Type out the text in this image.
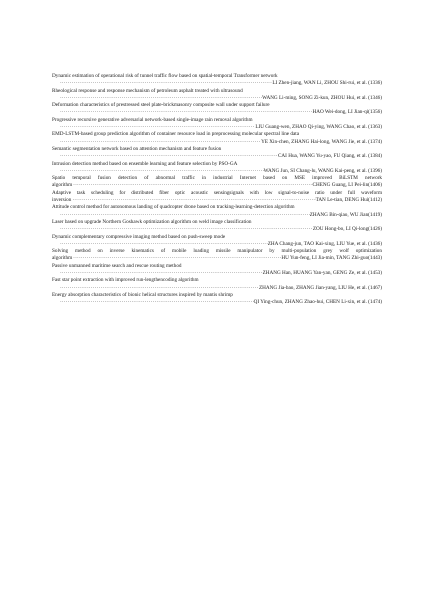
Dynamic estimation of operational risk of tunnel traffic flow based on spatial-temporal Transformer network
·····
LI Zhen-jiang, WAN Li, ZHOU Shi-rui, et al. (1336)
Rheological response and response mechanism of petroleum asphalt treated with ultrasound
·····
WANG Li-ming, SONG Zi-kun, ZHOU Hui, et al. (1346)
Deformation characteristics of prestressed steel plate-brickmasonry composite wall under support failure
·····
HAO Wei-dong, LI Jian-qi(1356)
Progressive recursive generative adversarial network-based single-image rain removal algorithm
·····
LIU Guang-wen, ZHAO Qi-ying, WANG Chao, et al. (1363)
EMD-LSTM-based group prediction algorithm of container resource load in preprocessing molecular spectral line data
·····
YE Xin-chen, ZHANG Hai-long, WANG Jie, et al. (1374)
Semantic segmentation network based on attention mechanism and feature fusion
·····
CAI Hua, WANG Yu-yao, FU Qiang, et al. (1384)
Intrusion detection method based on ensemble learning and feature selection by PSO-GA
·····
WANG Jun, SI Chang-lu, WANG Kai-peng, et al. (1396)
Spatio temporal fusion detection of abnormal traffic in industrial Internet based on MSE improved BiLSTM network
algorithm ·····	CHENG Guang, LI Pei-lin(1406)
Adaptive task scheduling for distributed fiber optic acoustic sensingsignals with low signal-to-noise ratio under full waveform
inversion ·····	TAN Le-tian, DENG Hui(1412)
Attitude control method for autonomous landing of quadcopter drone based on tracking-learning-detection algorithm
·····
ZHANG Bin-qiao, WU Jian(1419)
Laser based on upgrade Northern Goshawk optimization algorithm on weld image classification
·····
ZOU Hong-bo, LI Qi-long(1426)
Dynamic complementary compressive imaging method based on push-sweep mode
·····
ZHA Chang-jun, TAO Kai-xing, LIU Yue, et al. (1436)
Solving method on inverse kinematics of mobile loading missile manipulator by multi-population grey wolf optimization
algorithm ·····	HU Yun-feng, LI Jia-min, TANG Zhi-guo(1443)
Passive unmanned maritime search and rescue routing method
·····
ZHANG Han, HUANG Yan-yan, GENG Ze, et al. (1453)
Fast star point extraction with improved run-lengthencoding algorithm
·····
ZHANG Jia-bao, ZHANG Jian-yang, LIU He, et al. (1467)
Energy absorption characteristics of bionic helical structures inspired by mantis shrimp
·····
QI Ying-chun, ZHANG Zhao-hui, CHEN Li-xin, et al. (1474)
